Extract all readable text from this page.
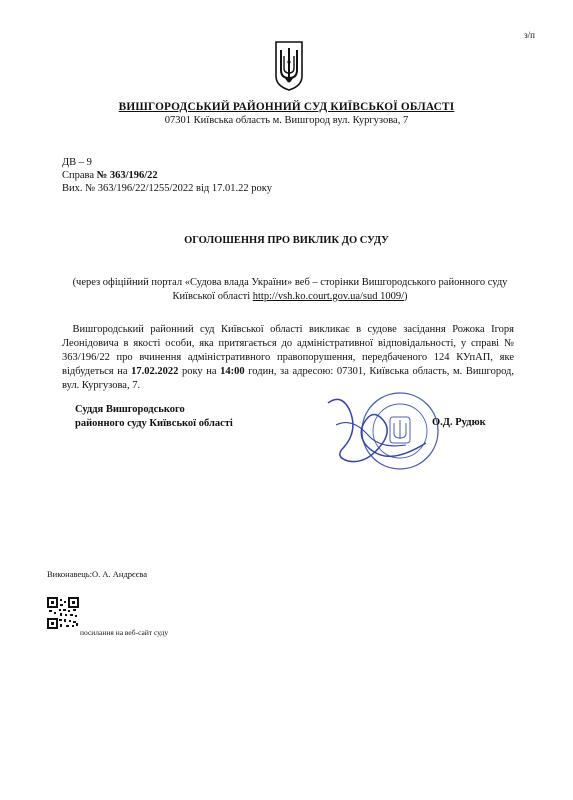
з/п
ВИШГОРОДСЬКИЙ РАЙОННИЙ СУД КИЇВСЬКОЇ ОБЛАСТІ
07301 Київська область м. Вишгород вул. Кургузова, 7
ДВ – 9
Справа № 363/196/22
Вих. № 363/196/22/1255/2022 від 17.01.22 року
ОГОЛОШЕННЯ ПРО ВИКЛИК ДО СУДУ
(через офіційний портал «Судова влада України» веб – сторінки Вишгородського районного суду Київської області http://vsh.ko.court.gov.ua/sud 1009/)
 Вишгородський районний суд Київської області викликає в судове засідання Рожока Ігоря Леонідовича в якості особи, яка притягається до адміністративної відповідальності, у справі № 363/196/22 про вчинення адміністративного правопорушення, передбаченого 124 КУпАП, яке відбудеться на 17.02.2022 року на 14:00 годин, за адресою: 07301, Київська область, м. Вишгород, вул. Кургузова, 7.
Суддя Вишгородського
районного суду Київської області	О.Д. Рудюк
Виконавець:О. А. Андрєєва
посилання на веб-сайт суду
